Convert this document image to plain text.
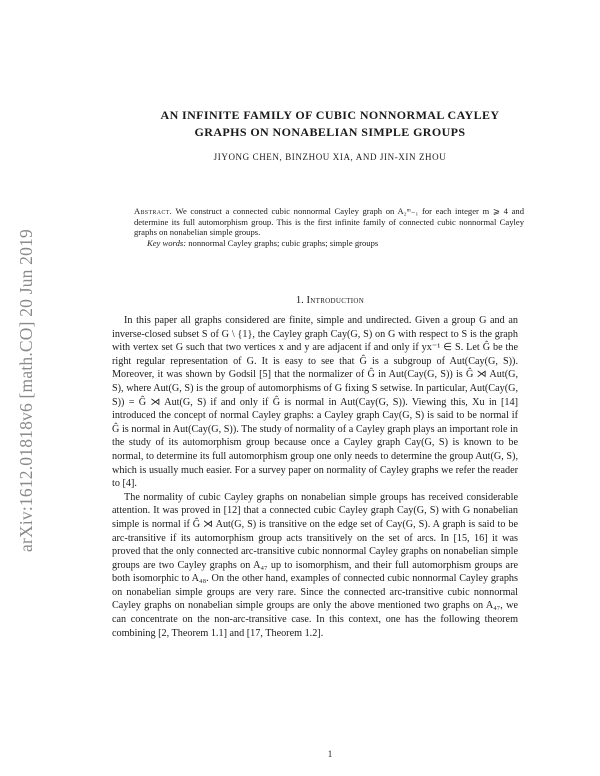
arXiv:1612.01818v6 [math.CO] 20 Jun 2019
AN INFINITE FAMILY OF CUBIC NONNORMAL CAYLEY
GRAPHS ON NONABELIAN SIMPLE GROUPS
JIYONG CHEN, BINZHOU XIA, AND JIN-XIN ZHOU
Abstract. We construct a connected cubic nonnormal Cayley graph on A₂ᵐ₋₁ for each integer m ⩾ 4 and determine its full automorphism group. This is the first infinite family of connected cubic nonnormal Cayley graphs on nonabelian simple groups.
Key words: nonnormal Cayley graphs; cubic graphs; simple groups
1. Introduction

In this paper all graphs considered are finite, simple and undirected. Given a group G and an inverse-closed subset S of G \ {1}, the Cayley graph Cay(G, S) on G with respect to S is the graph with vertex set G such that two vertices x and y are adjacent if and only if yx⁻¹ ∈ S. Let Ĝ be the right regular representation of G. It is easy to see that Ĝ is a subgroup of Aut(Cay(G, S)). Moreover, it was shown by Godsil [5] that the normalizer of Ĝ in Aut(Cay(G, S)) is Ĝ ⋊ Aut(G, S), where Aut(G, S) is the group of automorphisms of G fixing S setwise. In particular, Aut(Cay(G, S)) = Ĝ ⋊ Aut(G, S) if and only if Ĝ is normal in Aut(Cay(G, S)). Viewing this, Xu in [14] introduced the concept of normal Cayley graphs: a Cayley graph Cay(G, S) is said to be normal if Ĝ is normal in Aut(Cay(G, S)). The study of normality of a Cayley graph plays an important role in the study of its automorphism group because once a Cayley graph Cay(G, S) is known to be normal, to determine its full automorphism group one only needs to determine the group Aut(G, S), which is usually much easier. For a survey paper on normality of Cayley graphs we refer the reader to [4].

The normality of cubic Cayley graphs on nonabelian simple groups has received considerable attention. It was proved in [12] that a connected cubic Cayley graph Cay(G, S) with G nonabelian simple is normal if Ĝ ⋊ Aut(G, S) is transitive on the edge set of Cay(G, S). A graph is said to be arc-transitive if its automorphism group acts transitively on the set of arcs. In [15, 16] it was proved that the only connected arc-transitive cubic nonnormal Cayley graphs on nonabelian simple groups are two Cayley graphs on A₄₇ up to isomorphism, and their full automorphism groups are both isomorphic to A₄₈. On the other hand, examples of connected cubic nonnormal Cayley graphs on nonabelian simple groups are very rare. Since the connected arc-transitive cubic nonnormal Cayley graphs on nonabelian simple groups are only the above mentioned two graphs on A₄₇, we can concentrate on the non-arc-transitive case. In this context, one has the following theorem combining [2, Theorem 1.1] and [17, Theorem 1.2].

1
